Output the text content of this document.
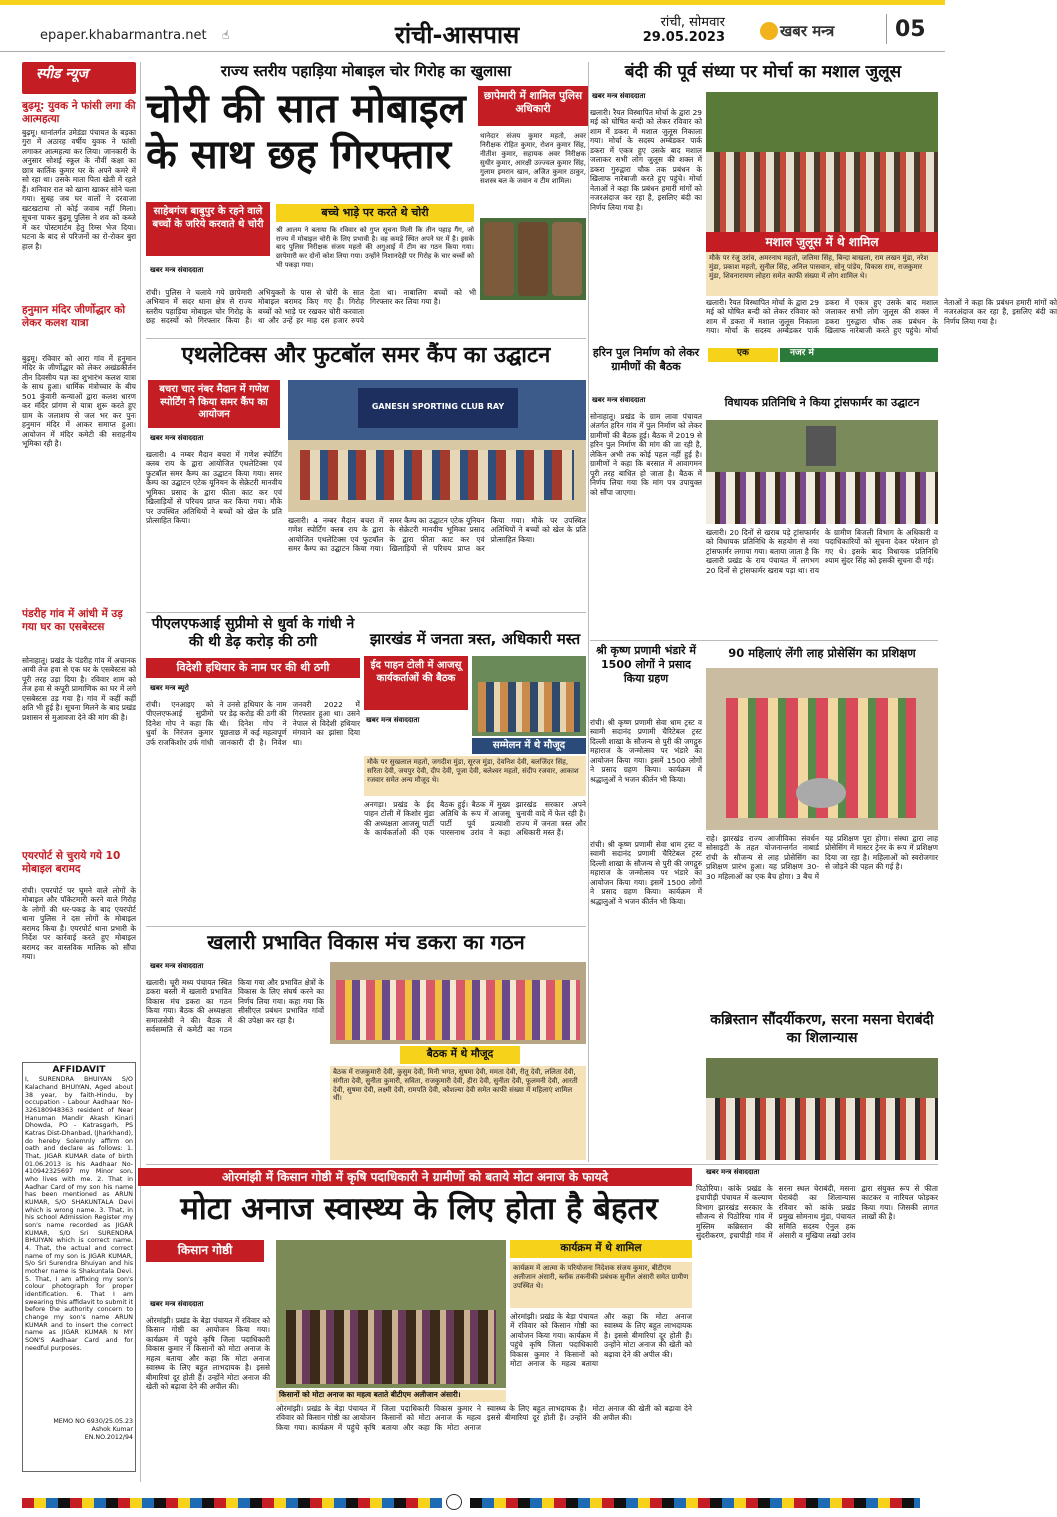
epaper.khabarmantra.net ☝	रांची-आसपास	रांची, सोमवार
29.05.2023	खबर मन्त्र	05
स्पीड न्यूज
बुढ़मू: युवक ने फांसी लगा की आत्महत्या
बुढ़मू। थानांतर्गत उमेडंडा पंचायत के बड़का गुरा में अठारह वर्षीय युवक ने फांसी लगाकर आत्महत्या कर लिया। जानकारी के अनुसार सोशई स्कूल के नौवीं कक्षा का छात्र कार्तिक कुमार घर के अपने कमरे में सो रहा था। उसके माता पिता खेती में रहते हैं। शनिवार रात को खाना खाकर सोने चला गया। सुबह जब घर वालों ने दरवाजा खटखटाया तो कोई जवाब नहीं मिला। सूचना पाकर बुढ़मू पुलिस ने शव को कब्जे में कर पोस्टमार्टम हेतु रिम्स भेज दिया। घटना के बाद से परिजनों का रो-रोकर बुरा हाल है।
हनुमान मंदिर जीर्णोद्धार को लेकर कलश यात्रा
बुढ़मू। रविवार को आरा गांव में हनुमान मंदिर के जीर्णोद्धार को लेकर अखंडकीर्तन तीन दिवसीय यज्ञ का शुभारंभ कलश यात्रा के साथ हुआ। धार्मिक मंत्रोच्चार के बीच 501 कुंवारी कन्याओं द्वारा कलश धारण कर मंदिर प्रांगण से यात्रा शुरू करते हुए ग्राम के जलाशय से जल भर कर पुनः हनुमान मंदिर में आकर समाप्त हुआ। आयोजन में मंदिर कमेटी की सराहनीय भूमिका रही है।
पंडरीह गांव में आंधी में उड़ गया घर का एसबेस्टस
सोनाहातू। प्रखंड के पंडरीह गांव में अचानक आयी तेज हवा से एक घर के एसबेस्टस को पूरी तरह उड़ा दिया है। रविवार शाम को तेज हवा से कपूरी प्रामाणिक का घर में लगे एसबेस्टस उड़ गया है। गांव में कहीं कहीं क्षति भी हुई है। सूचना मिलने के बाद प्रखंड प्रशासन से मुआवजा देने की मांग की है।
एयरपोर्ट से चुराये गये 10 मोबाइल बरामद
रांची। एयरपोर्ट पर घूमने वाले लोगों के मोबाइल और पॉकेटमारी करने वाले गिरोह के लोगों की धर-पकड़ के बाद एयरपोर्ट थाना पुलिस ने दस लोगों के मोबाइल बरामद किया है। एयरपोर्ट थाना प्रभारी के निर्देश पर कार्रवाई करते हुए मोबाइल बरामद कर वास्तविक मालिक को सौंपा गया।
AFFIDAVIT
I, SURENDRA BHUIYAN S/O Kalachand BHUIYAN, Aged about 38 year, by faith-Hindu, by occupation - Labour Aadhaar No-326180948363 resident of Near Hanuman Mandir Akash Kinari Dhowda, PO - Katrasgarh, PS Katras Dist-Dhanbad, (Jharkhand), do hereby Solemnly affirm on oath and declare as follows: 1. That, JIGAR KUMAR date of birth 01.06.2013 is his Aadhaar No-410942325697 my Minor son, who lives with me. 2. That in Aadhar Card of my son his name has been mentioned as ARUN KUMAR, S/O SHAKUNTALA Devi which is wrong name. 3. That, in his school Admission Register my son's name recorded as JIGAR KUMAR, S/O Sri SURENDRA BHUIYAN which is correct name. 4. That, the actual and correct name of my son is JIGAR KUMAR, S/o Sri Surendra Bhuiyan and his mother name is Shakuntala Devi. 5. That, I am affixing my son's colour photograph for proper identification. 6. That I am swearing this affidavit to submit it before the authority concern to change my son's name ARUN KUMAR and to insert the correct name as JIGAR KUMAR N MY SON'S Aadhaar Card and for needful purposes.
MEMO NO 6930/25.05.23
Ashok Kumar
EN.NO.2012/94
राज्य स्तरीय पहाड़िया मोबाइल चोर गिरोह का खुलासा
चोरी की सात मोबाइल के साथ छह गिरफ्तार
छापेमारी में शामिल पुलिस अधिकारी
थानेदार संजय कुमार महतो, अवर निरीक्षक रोहित कुमार, रोशन कुमार सिंह, नीतीश कुमार, सहायक अवर निरीक्षक सुधीर कुमार, आरक्षी उज्ज्वल कुमार सिंह, गुलाम इमरान खान, अजित कुमार ठाकुर, सशस्त्र बल के जवान व टीम शामिल।
साहेबगंज बाबुपुर के रहने वाले बच्चों के जरिये करवाते थे चोरी
बच्चे भाड़े पर करते थे चोरी
श्री आलम ने बताया कि रविवार को गुप्त सूचना मिली कि तीन पहाड़ गैंग, जो राज्य में मोबाइल चोरी के लिए प्रभावी है। वह कमड़े स्थित अपने घर में है। इसके बाद पुलिस निरीक्षक संजय महतो की अगुआई में टीम का गठन किया गया। छापेमारी कर दोनों कोश लिया गया। उन्होंने निशानदेही पर गिरोह के चार बच्चों को भी पकड़ा गया।
खबर मन्त्र संवाददाता
रांची। पुलिस ने चलाये गये छापेमारी अभियान में सदर थाना क्षेत्र से राज्य स्तरीय पहाड़िया मोबाइल चोर गिरोह के छह सदस्यों को गिरफ्तार किया है। अभियुक्तों के पास से चोरी के सात मोबाइल बरामद किए गए हैं। गिरोह बच्चों को भाड़े पर रखकर चोरी करवाता था और उन्हें हर माह दस हजार रुपये देता था। नाबालिग बच्चों को भी गिरफ्तार कर लिया गया है।
एथलेटिक्स और फुटबॉल समर कैंप का उद्घाटन
बचरा चार नंबर मैदान में गणेश स्पोर्टिंग ने किया समर कैंप का आयोजन
खबर मन्त्र संवाददाता
खलारी। 4 नम्बर मैदान बचरा में गणेश स्पोर्टिंग क्लब राय के द्वारा आयोजित एथलेटिक्स एवं फुटबॉल समर कैम्प का उद्घाटन किया गया। समर कैम्प का उद्घाटन एटेक यूनियन के सेक्रेटरी मानवीय भूमिका प्रसाद के द्वारा फीता काट कर एवं खिलाड़ियों से परिचय प्राप्त कर किया गया। मौके पर उपस्थित अतिथियों ने बच्चों को खेल के प्रति प्रोत्साहित किया।
GANESH SPORTING CLUB RAY
खलारी। 4 नम्बर मैदान बचरा में गणेश स्पोर्टिंग क्लब राय के द्वारा आयोजित एथलेटिक्स एवं फुटबॉल समर कैम्प का उद्घाटन किया गया। समर कैम्प का उद्घाटन एटेक यूनियन के सेक्रेटरी मानवीय भूमिका प्रसाद के द्वारा फीता काट कर एवं खिलाड़ियों से परिचय प्राप्त कर किया गया। मौके पर उपस्थित अतिथियों ने बच्चों को खेल के प्रति प्रोत्साहित किया।
पीएलएफआई सुप्रीमो से धुर्वा के गांधी ने की थी डेढ़ करोड़ की ठगी
विदेशी हथियार के नाम पर की थी ठगी
खबर मन्त्र ब्यूरो
रांची। एनआइए को पीएलएफआई सुप्रीमो दिनेश गोप ने कहा कि धुर्वा के निरंजन कुमार उर्फ राजकिशोर उर्फ गांधी ने उनसे हथियार के नाम पर डेढ़ करोड़ की ठगी की थी। दिनेश गोप ने पूछताछ में कई महत्वपूर्ण जानकारी दी है। निवेश जनवरी 2022 में गिरफ्तार हुआ था। उसने नेपाल से विदेशी हथियार मंगवाने का झांसा दिया था।
झारखंड में जनता त्रस्त, अधिकारी मस्त
ईद पाहन टोली में आजसू कार्यकर्ताओं की बैठक
खबर मन्त्र संवाददाता
सम्मेलन में थे मौजूद
मौके पर सुखलाल महतो, जगदीश मुंडा, सूरज मुंडा, देवनिश देवी, बलजिंदर सिंह, सरिता देवी, जयपुर देवी, दीप देवी, पूजा देवी, बलेश्वर महतो, संदीप रजवार, आकाश रजवार समेत अन्य मौजूद थे।
अनगड़ा। प्रखंड के ईद पाहन टोली में किशोर मुंडा की अध्यक्षता आजसू पार्टी के कार्यकर्ताओं की एक बैठक हुई। बैठक में मुख्य अतिथि के रूप में आजसू पार्टी पूर्व प्रत्याशी पारसनाथ उरांव ने कहा झारखंड सरकार अपने चुनावी वादे में फेल रही है। राज्य में जनता त्रस्त और अधिकारी मस्त हैं।
खलारी प्रभावित विकास मंच डकरा का गठन
खबर मन्त्र संवाददाता
खलारी। चूरी मध्य पंचायत स्थित डकरा बस्ती में खलारी प्रभावित विकास मंच डकरा का गठन किया गया। बैठक की अध्यक्षता समाजसेवी ने की। बैठक में सर्वसम्मति से कमेटी का गठन किया गया और प्रभावित क्षेत्रों के विकास के लिए संघर्ष करने का निर्णय लिया गया। कहा गया कि सीसीएल प्रबंधन प्रभावित गांवों की उपेक्षा कर रहा है।
बैठक में थे मौजूद
बैठक में राजकुमारी देवी, कुसुम देवी, मिनी भगत, सुषमा देवी, ममता देवी, रीतू देवी, ललिता देवी, संगीता देवी, सुनीता कुमारी, सविता, राजकुमारी देवी, हीरा देवी, सुनीता देवी, फूलमनी देवी, आरती देवी, सुषमा देवी, लक्ष्मी देवी, रामपति देवी, कौशल्या देवी समेत काफी संख्या में महिलाएं शामिल थीं।
ओरमांझी में किसान गोष्ठी में कृषि पदाधिकारी ने ग्रामीणों को बताये मोटा अनाज के फायदे
मोटा अनाज स्वास्थ्य के लिए होता है बेहतर
किसान गोष्ठी
खबर मन्त्र संवाददाता
ओरमांझी। प्रखंड के बेड़ा पंचायत में रविवार को किसान गोष्ठी का आयोजन किया गया। कार्यक्रम में पहुंचे कृषि जिला पदाधिकारी विकास कुमार ने किसानों को मोटा अनाज के महत्व बताया और कहा कि मोटा अनाज स्वास्थ्य के लिए बहुत लाभदायक है। इससे बीमारियां दूर होती हैं। उन्होंने मोटा अनाज की खेती को बढ़ावा देने की अपील की।
कार्यक्रम में थे शामिल
कार्यक्रम में आत्मा के परियोजना निदेशक संजय कुमार, बीटीएम अलीजान अंसारी, ब्लॉक तकनीकी प्रबंधक सुनील अंसारी समेत ग्रामीण उपस्थित थे।
ओरमांझी। प्रखंड के बेड़ा पंचायत में रविवार को किसान गोष्ठी का आयोजन किया गया। कार्यक्रम में पहुंचे कृषि जिला पदाधिकारी विकास कुमार ने किसानों को मोटा अनाज के महत्व बताया और कहा कि मोटा अनाज स्वास्थ्य के लिए बहुत लाभदायक है। इससे बीमारियां दूर होती हैं। उन्होंने मोटा अनाज की खेती को बढ़ावा देने की अपील की।
किसानों को मोटा अनाज का महत्व बताते बीटीएम अलीजान अंसारी।
ओरमांझी। प्रखंड के बेड़ा पंचायत में रविवार को किसान गोष्ठी का आयोजन किया गया। कार्यक्रम में पहुंचे कृषि जिला पदाधिकारी विकास कुमार ने किसानों को मोटा अनाज के महत्व बताया और कहा कि मोटा अनाज स्वास्थ्य के लिए बहुत लाभदायक है। इससे बीमारियां दूर होती हैं। उन्होंने मोटा अनाज की खेती को बढ़ावा देने की अपील की।
बंदी की पूर्व संध्या पर मोर्चा का मशाल जुलूस
खबर मन्त्र संवाददाता
खलारी। रैयत विस्थापित मोर्चा के द्वारा 29 मई को घोषित बन्दी को लेकर रविवार को शाम में डकरा में मशाल जुलूस निकाला गया। मोर्चा के सदस्य अम्बेडकर पार्क डकरा में एकत्र हुए उसके बाद मशाल जलाकर सभी लोग जुलूस की शक्ल में डकरा गुरुद्वारा चौक तक प्रबंधन के खिलाफ नारेबाजी करते हुए पहुंचे। मोर्चा नेताओं ने कहा कि प्रबंधन हमारी मांगों को नजरअंदाज कर रहा है, इसलिए बंदी का निर्णय लिया गया है।
मशाल जुलूस में थे शामिल
मौके पर रंजु उरांव, अमरनाथ महतो, जलिमा सिंह, बिन्दा बाखला, राम लखन मुंडा, नरेश मुंडा, प्रकाश महतो, सुनील सिंह, अनिल पासवान, सोनू पांडेय, विकास राम, राजकुमार मुंडा, शिवनारायण लोहरा समेत काफी संख्या में लोग शामिल थे।
खलारी। रैयत विस्थापित मोर्चा के द्वारा 29 मई को घोषित बन्दी को लेकर रविवार को शाम में डकरा में मशाल जुलूस निकाला गया। मोर्चा के सदस्य अम्बेडकर पार्क डकरा में एकत्र हुए उसके बाद मशाल जलाकर सभी लोग जुलूस की शक्ल में डकरा गुरुद्वारा चौक तक प्रबंधन के खिलाफ नारेबाजी करते हुए पहुंचे। मोर्चा नेताओं ने कहा कि प्रबंधन हमारी मांगों को नजरअंदाज कर रहा है, इसलिए बंदी का निर्णय लिया गया है।
हरिन पुल निर्माण को लेकर ग्रामीणों की बैठक
खबर मन्त्र संवाददाता
सोनाहातू। प्रखंड के ग्राम लावा पंचायत अंतर्गत हरिन गांव में पुल निर्माण को लेकर ग्रामीणों की बैठक हुई। बैठक में 2019 से हरिन पुल निर्माण की मांग की जा रही है, लेकिन अभी तक कोई पहल नहीं हुई है। ग्रामीणों ने कहा कि बरसात में आवागमन पूरी तरह बाधित हो जाता है। बैठक में निर्णय लिया गया कि मांग पत्र उपायुक्त को सौंपा जाएगा।
एक	नजर में
विधायक प्रतिनिधि ने किया ट्रांसफार्मर का उद्घाटन
खलारी। 20 दिनों से खराब पड़े ट्रांसफार्मर को विधायक प्रतिनिधि के सहयोग से नया ट्रांसफार्मर लगाया गया। बताया जाता है कि खलारी प्रखंड के राय पंचायत में लगभग 20 दिनों से ट्रांसफार्मर खराब पड़ा था। राय के ग्रामीण बिजली विभाग के अधिकारी व पदाधिकारियों को सूचना देकर परेशान हो गए थे। इसके बाद विधायक प्रतिनिधि श्याम सुंदर सिंह को इसकी सूचना दी गई।
90 महिलाएं लेंगी लाह प्रोसेसिंग का प्रशिक्षण
राहे। झारखंड राज्य आजीविका संवर्धन सोसाइटी के तहत योजनान्तर्गत नाबार्ड रांची के सौजन्य से लाह प्रोसेसिंग का प्रशिक्षण प्रारंभ हुआ। यह प्रशिक्षण 30-30 महिलाओं का एक बैच होगा। 3 बैच में यह प्रशिक्षण पूरा होगा। संस्था द्वारा लाह प्रोसेसिंग में मास्टर ट्रेनर के रूप में प्रशिक्षण दिया जा रहा है। महिलाओं को स्वरोजगार से जोड़ने की पहल की गई है।
श्री कृष्ण प्रणामी भंडारे में 1500 लोगों ने प्रसाद किया ग्रहण
रांची। श्री कृष्ण प्रणामी सेवा धाम ट्रस्ट व स्वामी सदानंद प्रणामी चैरिटेबल ट्रस्ट दिल्ली शाखा के सौजन्य से पुरी की जगद्गुरु महाराज के जन्मोत्सव पर भंडारे का आयोजन किया गया। इसमें 1500 लोगों ने प्रसाद ग्रहण किया। कार्यक्रम में श्रद्धालुओं ने भजन कीर्तन भी किया।
कब्रिस्तान सौंदर्यीकरण, सरना मसना घेराबंदी का शिलान्यास
खबर मन्त्र संवाददाता
पिठोरिया। कांके प्रखंड के इचापीड़ी पंचायत में कल्याण विभाग झारखंड सरकार के सौजन्य से पिठोरिया गांव में मुस्लिम कब्रिस्तान की सुंदरीकरण, इचापीड़ी गांव में सरना स्थल चेराबंदी, मसना घेराबंदी का शिलान्यास रविवार को कांके प्रखंड प्रमुख सोमनाथ मुंडा, पंचायत समिति सदस्य ऐनुल हक अंसारी व मुखिया लखो उरांव द्वारा संयुक्त रूप से फीता काटकर व नारियल फोड़कर किया गया। जिसकी लागत लाखों की है।
रांची। श्री कृष्ण प्रणामी सेवा धाम ट्रस्ट व स्वामी सदानंद प्रणामी चैरिटेबल ट्रस्ट दिल्ली शाखा के सौजन्य से पुरी की जगद्गुरु महाराज के जन्मोत्सव पर भंडारे का आयोजन किया गया। इसमें 1500 लोगों ने प्रसाद ग्रहण किया। कार्यक्रम में श्रद्धालुओं ने भजन कीर्तन भी किया।
